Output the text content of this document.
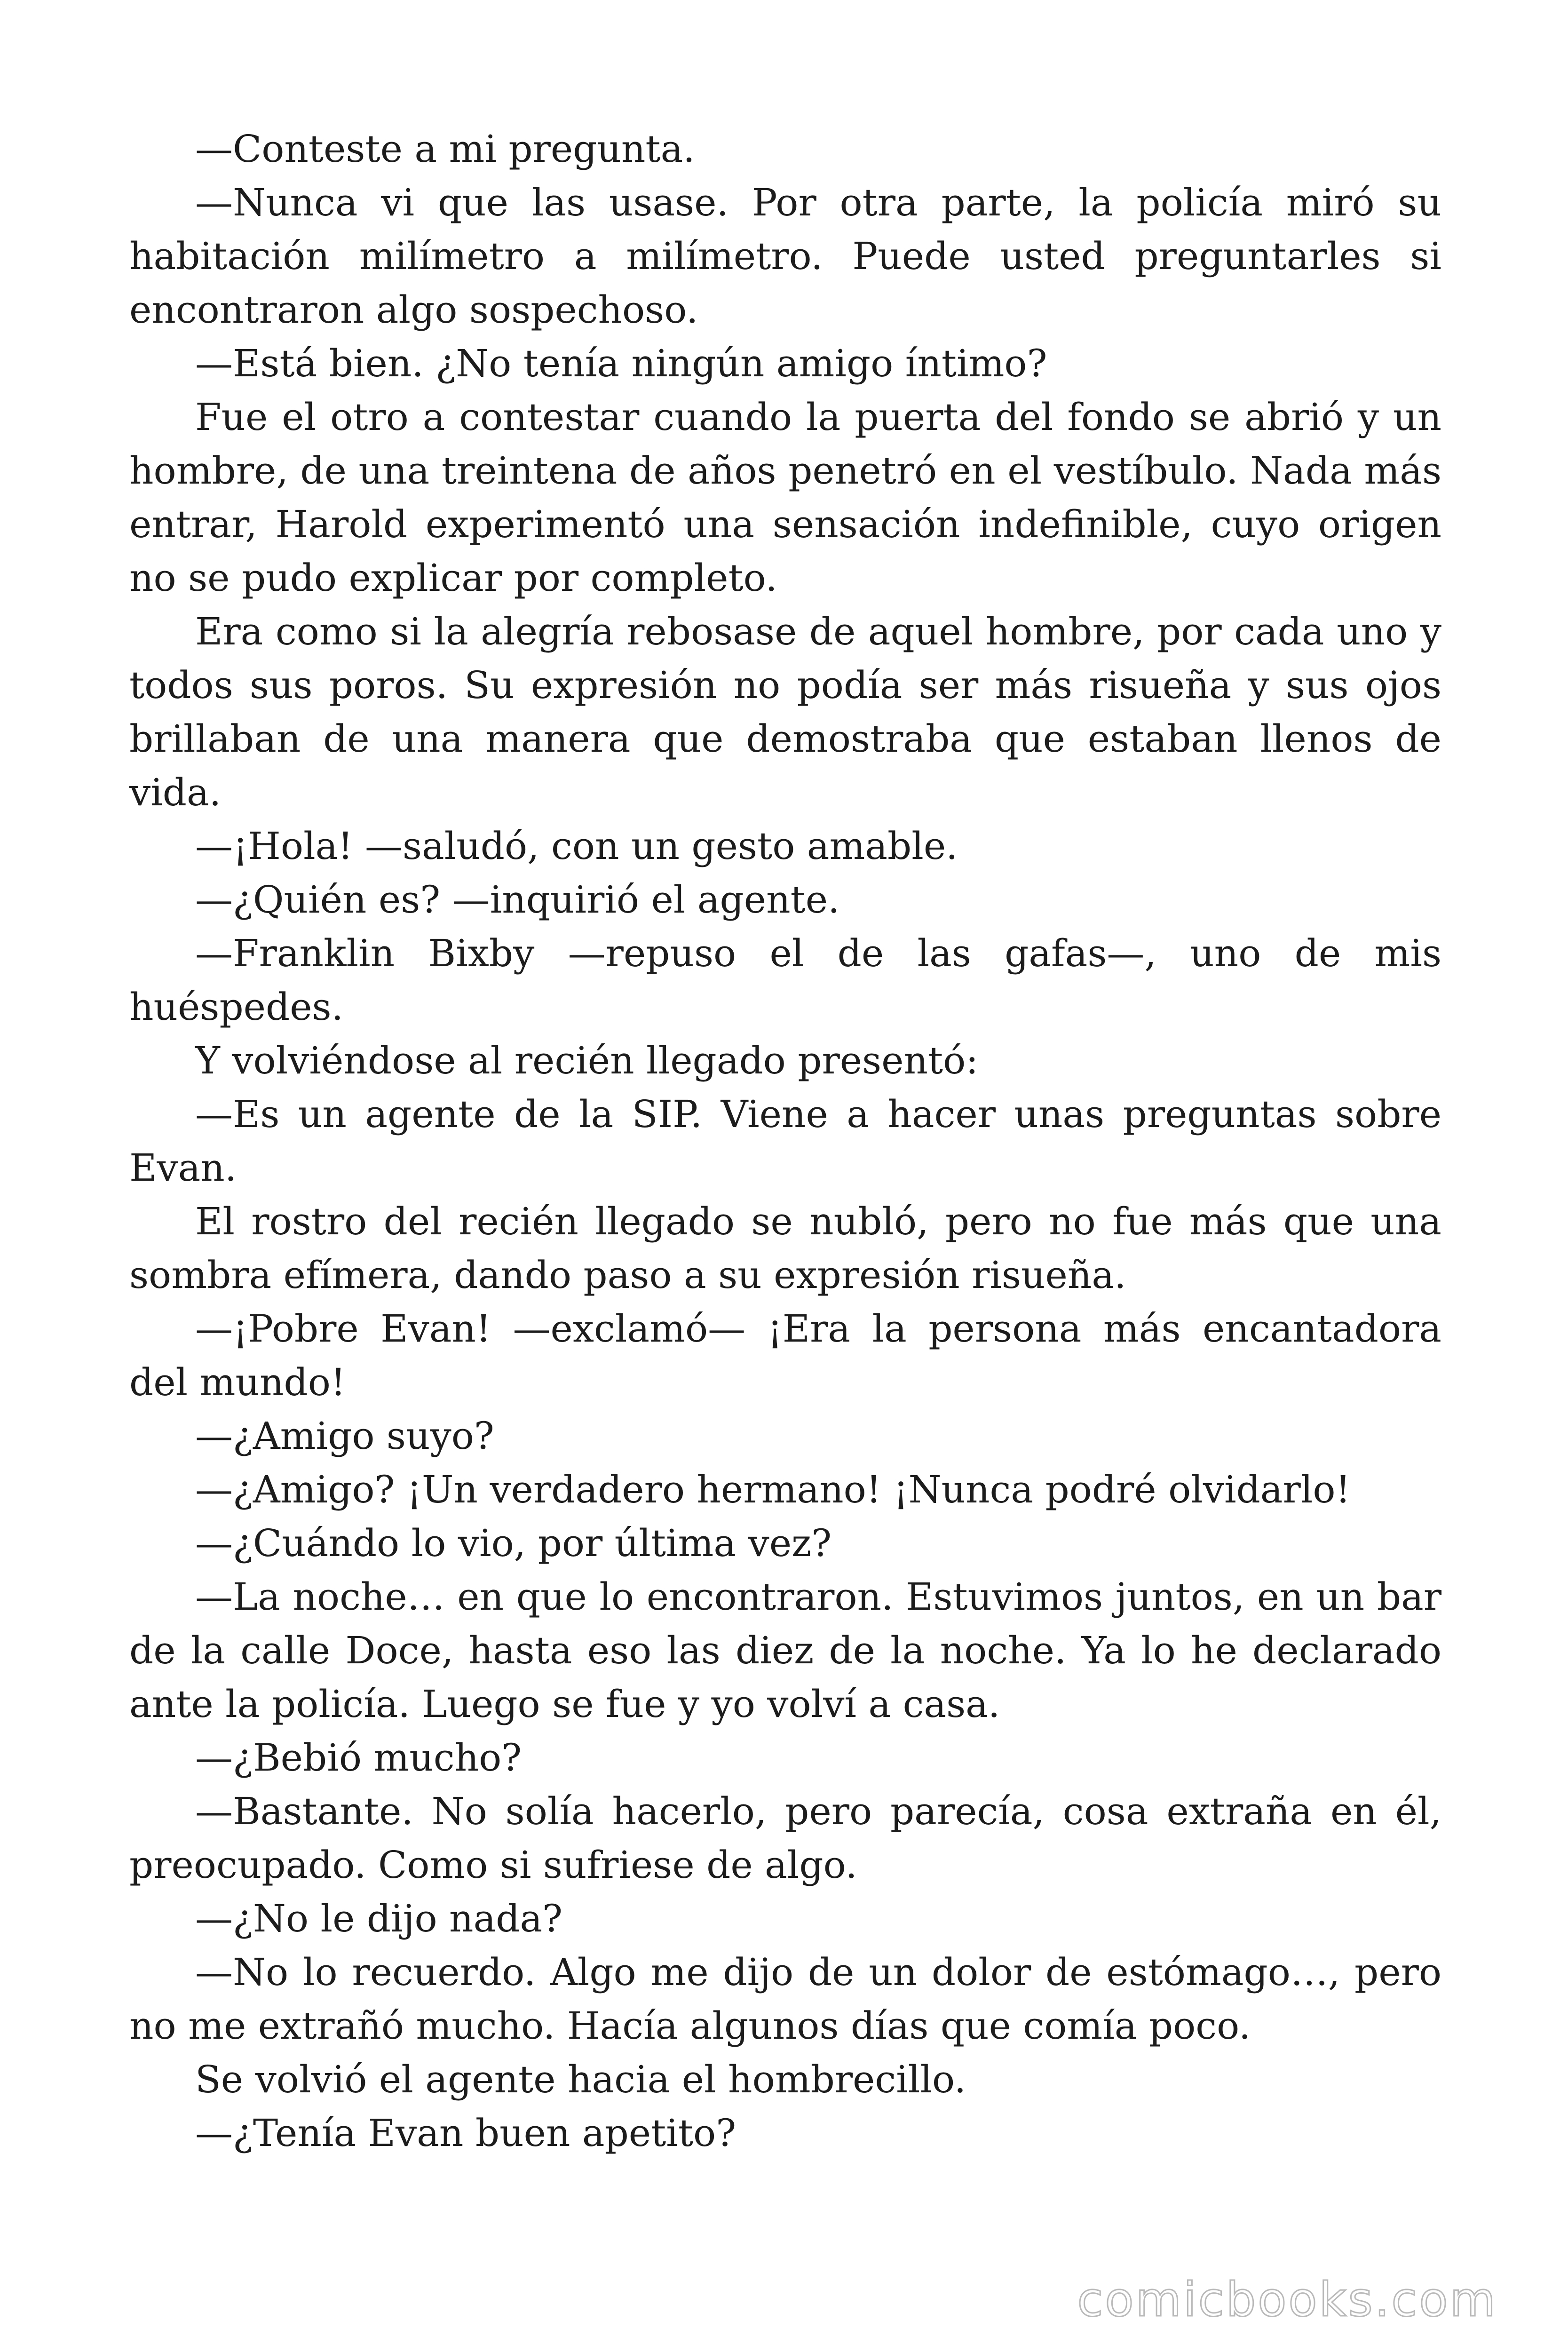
—Conteste a mi pregunta.

—Nunca vi que las usase. Por otra parte, la policía miró su habitación milímetro a milímetro. Puede usted preguntarles si encontraron algo sospechoso.

—Está bien. ¿No tenía ningún amigo íntimo?

Fue el otro a contestar cuando la puerta del fondo se abrió y un hombre, de una treintena de años penetró en el vestíbulo. Nada más entrar, Harold experimentó una sensación indefinible, cuyo origen no se pudo explicar por completo.

Era como si la alegría rebosase de aquel hombre, por cada uno y todos sus poros. Su expresión no podía ser más risueña y sus ojos brillaban de una manera que demostraba que estaban llenos de vida.

—¡Hola! —saludó, con un gesto amable.

—¿Quién es? —inquirió el agente.

—Franklin Bixby —repuso el de las gafas—, uno de mis huéspedes.

Y volviéndose al recién llegado presentó:

—Es un agente de la SIP. Viene a hacer unas preguntas sobre Evan.

El rostro del recién llegado se nubló, pero no fue más que una sombra efímera, dando paso a su expresión risueña.

—¡Pobre Evan! —exclamó— ¡Era la persona más encantadora del mundo!

—¿Amigo suyo?

—¿Amigo? ¡Un verdadero hermano! ¡Nunca podré olvidarlo!

—¿Cuándo lo vio, por última vez?

—La noche… en que lo encontraron. Estuvimos juntos, en un bar de la calle Doce, hasta eso las diez de la noche. Ya lo he declarado ante la policía. Luego se fue y yo volví a casa.

—¿Bebió mucho?

—Bastante. No solía hacerlo, pero parecía, cosa extraña en él, preocupado. Como si sufriese de algo.

—¿No le dijo nada?

—No lo recuerdo. Algo me dijo de un dolor de estómago…, pero no me extrañó mucho. Hacía algunos días que comía poco.

Se volvió el agente hacia el hombrecillo.

—¿Tenía Evan buen apetito?

comicbooks.com
